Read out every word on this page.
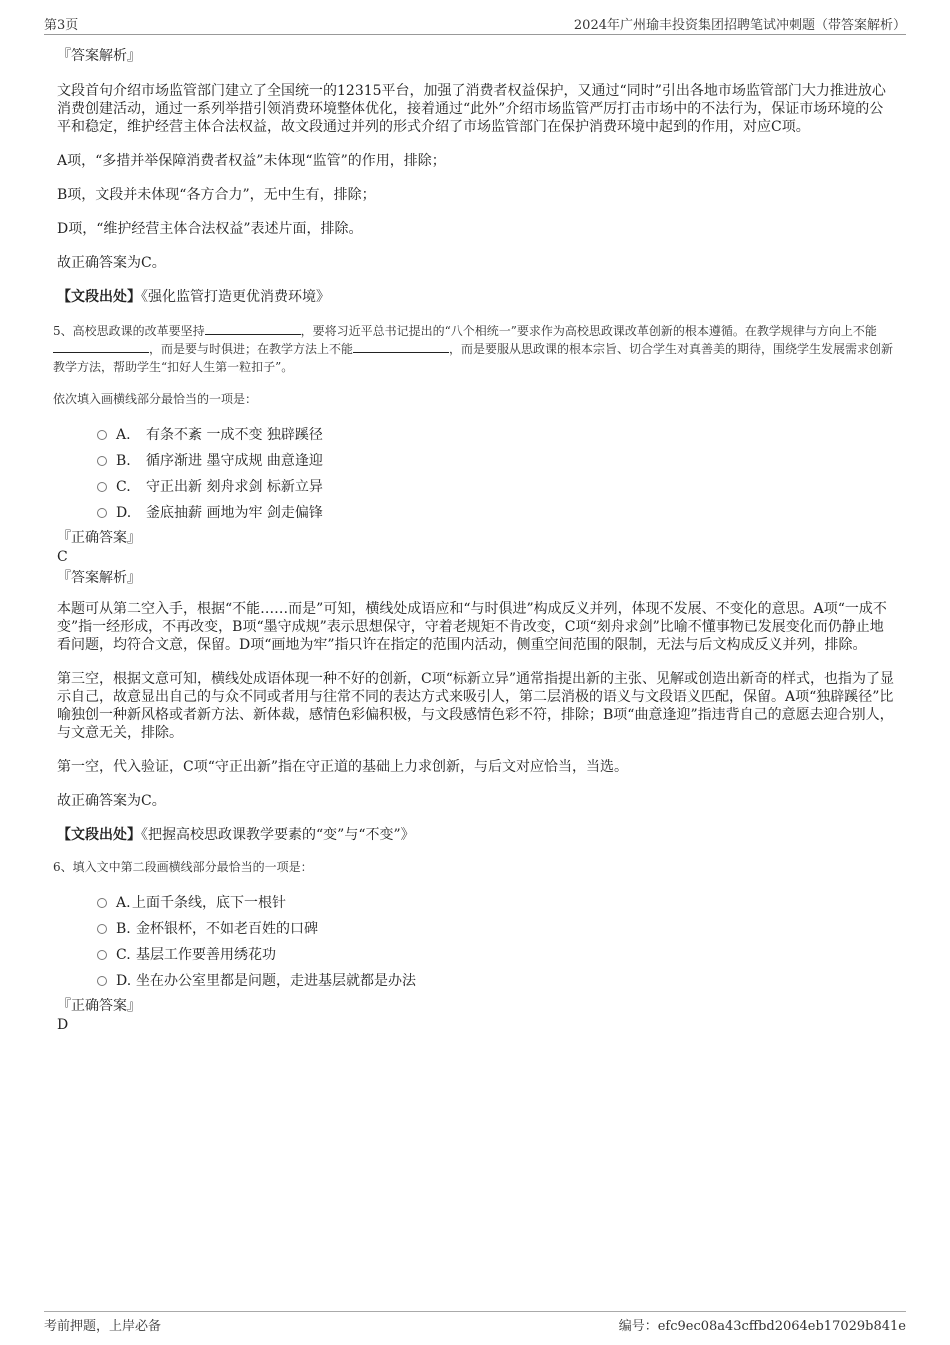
第3页	2024年广州瑜丰投资集团招聘笔试冲刺题（带答案解析）

『答案解析』

文段首句介绍市场监管部门建立了全国统一的12315平台，加强了消费者权益保护，又通过“同时”引出各地市场监管部门大力推进放心消费创建活动，通过一系列举措引领消费环境整体优化，接着通过“此外”介绍市场监管严厉打击市场中的不法行为，保证市场环境的公平和稳定，维护经营主体合法权益，故文段通过并列的形式介绍了市场监管部门在保护消费环境中起到的作用，对应C项。

A项，“多措并举保障消费者权益”未体现“监管”的作用，排除；

B项，文段并未体现“各方合力”，无中生有，排除；

D项，“维护经营主体合法权益”表述片面，排除。

故正确答案为C。

【文段出处】《强化监管打造更优消费环境》

5、高校思政课的改革要坚持	，要将习近平总书记提出的“八个相统一”要求作为高校思政课改革创新的根本遵循。在教学规律与方向上不能，而是要与时俱进；在教学方法上不能	，而是要服从思政课的根本宗旨、切合学生对真善美的期待，围绕学生发展需求创新教学方法，帮助学生“扣好人生第一粒扣子”。

依次填入画横线部分最恰当的一项是：

A. 有条不紊 一成不变 独辟蹊径
B. 循序渐进 墨守成规 曲意逢迎
C. 守正出新 刻舟求剑 标新立异
D. 釜底抽薪 画地为牢 剑走偏锋

『正确答案』

C

『答案解析』

本题可从第二空入手，根据“不能……而是”可知，横线处成语应和“与时俱进”构成反义并列，体现不发展、不变化的意思。A项“一成不变”指一经形成，不再改变，B项“墨守成规”表示思想保守，守着老规矩不肯改变，C项“刻舟求剑”比喻不懂事物已发展变化而仍静止地看问题，均符合文意，保留。D项“画地为牢”指只许在指定的范围内活动，侧重空间范围的限制，无法与后文构成反义并列，排除。

第三空，根据文意可知，横线处成语体现一种不好的创新，C项“标新立异”通常指提出新的主张、见解或创造出新奇的样式，也指为了显示自己，故意显出自己的与众不同或者用与往常不同的表达方式来吸引人，第二层消极的语义与文段语义匹配，保留。A项“独辟蹊径”比喻独创一种新风格或者新方法、新体裁，感情色彩偏积极，与文段感情色彩不符，排除；B项“曲意逢迎”指违背自己的意愿去迎合别人，与文意无关，排除。

第一空，代入验证，C项“守正出新”指在守正道的基础上力求创新，与后文对应恰当，当选。

故正确答案为C。

【文段出处】《把握高校思政课教学要素的“变”与“不变”》

6、填入文中第二段画横线部分最恰当的一项是：

A.上面千条线，底下一根针
B. 金杯银杯，不如老百姓的口碑
C. 基层工作要善用绣花功
D. 坐在办公室里都是问题，走进基层就都是办法

『正确答案』

D

考前押题，上岸必备	编号：efc9ec08a43cffbd2064eb17029b841e
